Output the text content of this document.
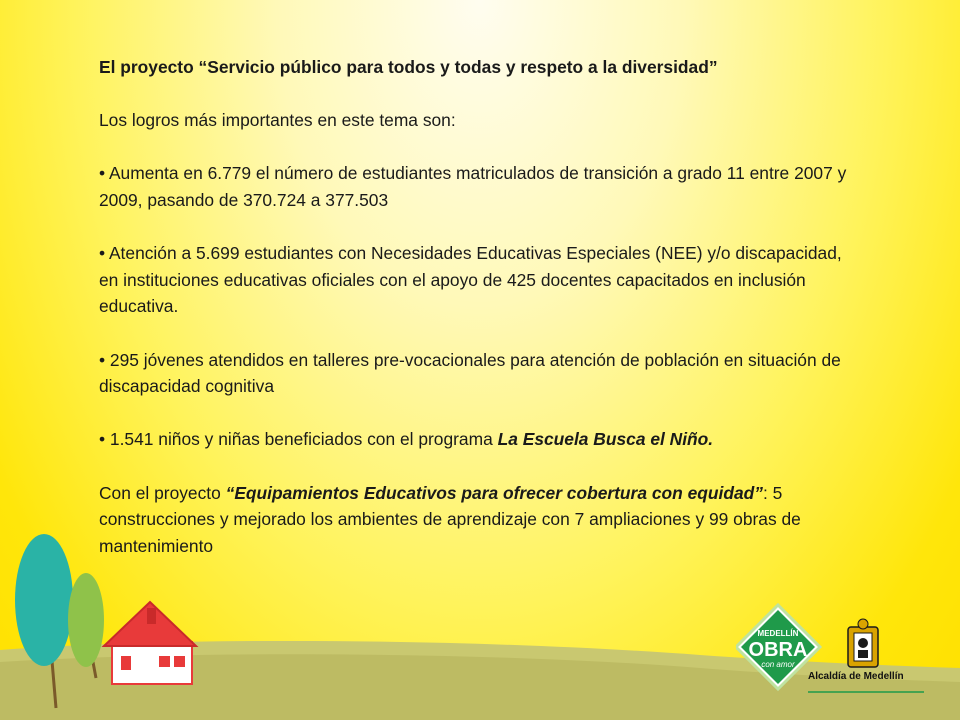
El proyecto “Servicio público para todos y todas y respeto a la diversidad”

Los logros más importantes en este tema son:

• Aumenta en 6.779 el número de estudiantes matriculados de transición a grado 11 entre 2007 y 2009, pasando de 370.724 a 377.503

• Atención a 5.699 estudiantes con Necesidades Educativas Especiales (NEE) y/o discapacidad, en instituciones educativas oficiales con el apoyo de 425 docentes capacitados en inclusión educativa.

• 295 jóvenes atendidos en talleres pre-vocacionales para atención de población en situación de discapacidad cognitiva

• 1.541 niños y niñas beneficiados con el programa La Escuela Busca el Niño.

Con el proyecto “Equipamientos Educativos para ofrecer cobertura con equidad”: 5 construcciones y mejorado los ambientes de aprendizaje con 7 ampliaciones y 99 obras de mantenimiento

MEDELLÍN
OBRA
con amor
Alcaldía de Medellín
